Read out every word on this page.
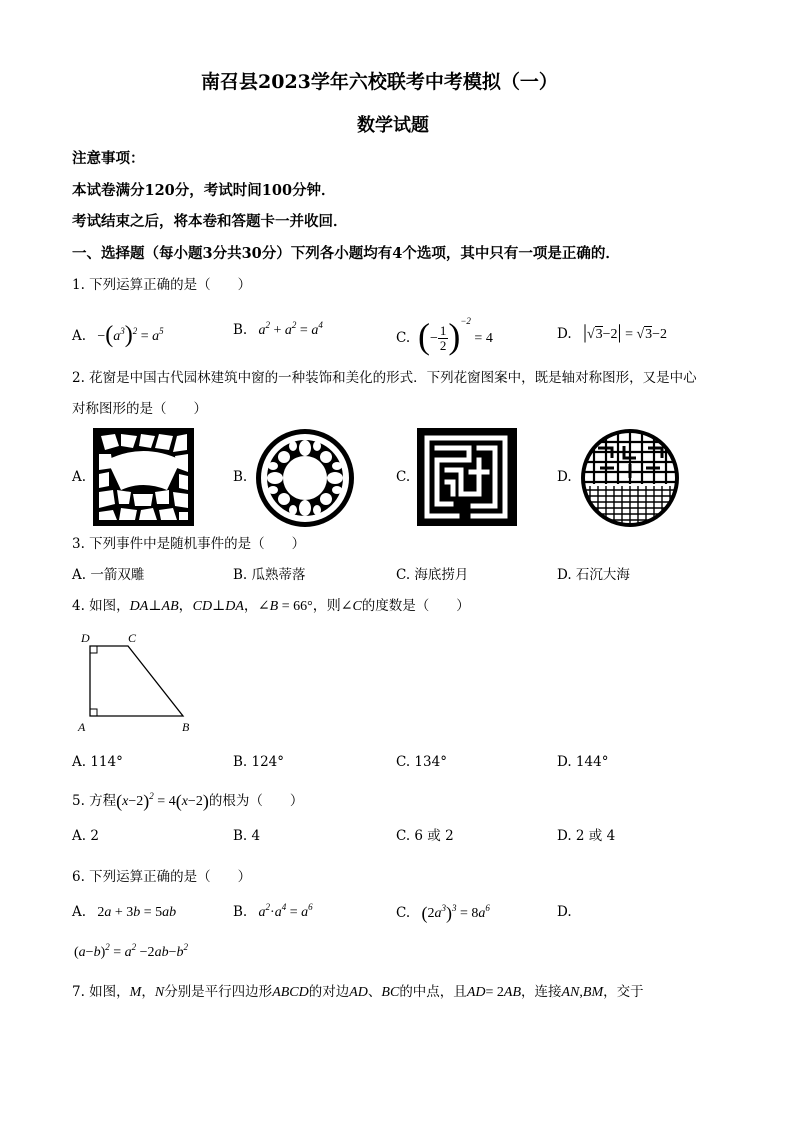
南召县2023学年六校联考中考模拟（一）
数学试题
注意事项：
本试卷满分120分，考试时间100分钟．
考试结束之后，将本卷和答题卡一并收回．
一、选择题（每小题3分共30分）下列各小题均有4个选项，其中只有一项是正确的．
1. 下列运算正确的是（　　）
A. $-(a^3)^2 = a^5$	B.   $a^2 + a^2 = a^4$
C. (− $\frac{1}{2} )^{-2} = 4$	D. |√3−2| = √3−2
2. 花窗是中国古代园林建筑中窗的一种装饰和美化的形式．下列花窗图案中，既是轴对称图形，又是中心
对称图形的是（　　）
A.	B.	C.	D.
3. 下列事件中是随机事件的是（　　）
A. 一箭双雕	B. 瓜熟蒂落	C. 海底捞月	D. 石沉大海
4. 如图，DA⊥AB，CD⊥DA，∠B = 66°，则∠C的度数是（　　）
D	C
A	B
A. 114°	B. 124°	C. 134°	D. 144°
5. 方程$(x-2)^2 = 4(x-2)$的根为（　　）
A. 2	B. 4	C. 6 或 2	D. 2 或 4
6. 下列运算正确的是（　　）
A. 2a + 3b = 5ab	B.   $a^2\cdot a^4 = a^6$	C. $(2a^3)^3 = 8a^6$	D.
$(a-b)^2 = a^2 -2ab-b^2$
7. 如图，M，N分别是平行四边形ABCD的对边AD、BC的中点，且AD= 2AB，连接AN,BM，交于
